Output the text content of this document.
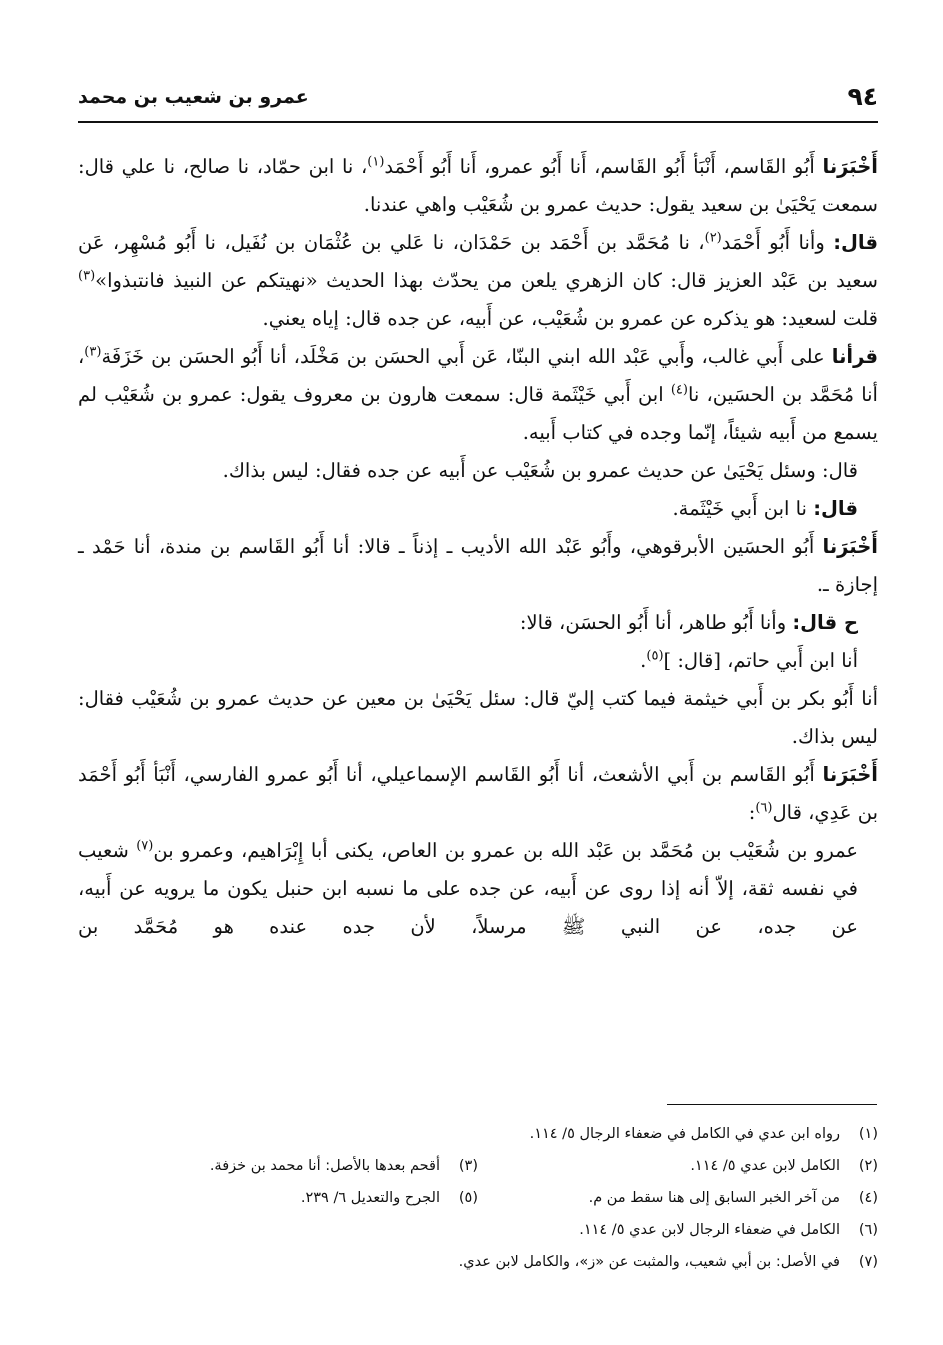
٩٤
عمرو بن شعيب بن محمد

أَخْبَرَنا أَبُو القَاسم، أَنْبَأ أَبُو القَاسم، أَنا أَبُو عمرو، أَنا أَبُو أَحْمَد$^{(١)}$، نا ابن حمّاد، نا صالح، نا علي قال: سمعت يَحْيَىٰ بن سعيد يقول: حديث عمرو بن شُعَيْب واهي عندنا.

قال: وأنا أَبُو أَحْمَد$^{(٢)}$، نا مُحَمَّد بن أَحْمَد بن حَمْدَان، نا عَلي بن عُثْمَان بن نُفَيل، نا أَبُو مُسْهِر، عَن سعيد بن عَبْد العزيز قال: كان الزهري يلعن من يحدّث بهذا الحديث «نهيتكم عن النبيذ فانتبذوا»$^{(٣)}$ قلت لسعيد: هو يذكره عن عمرو بن شُعَيْب، عن أَبيه، عن جده قال: إياه يعني.

قرأنا على أَبي غالب، وأَبي عَبْد الله ابني البنّا، عَن أَبي الحسَن بن مَخْلَد، أنا أَبُو الحسَن بن خَزَفَة$^{(٣)}$، أنا مُحَمَّد بن الحسَين، نا$^{(٤)}$ ابن أَبي خَيْثَمة قال: سمعت هارون بن معروف يقول: عمرو بن شُعَيْب لم يسمع من أَبيه شيئاً، إنّما وجده في كتاب أَبيه.

قال: وسئل يَحْيَىٰ عن حديث عمرو بن شُعَيْب عن أَبيه عن جده فقال: ليس بذاك.

قال: نا ابن أَبي خَيْثَمة.

أَخْبَرَنا أَبُو الحسَين الأبرقوهي، وأَبُو عَبْد الله الأديب ـ إذناً ـ قالا: أنا أَبُو القَاسم بن مندة، أنا حَمْد ـ إجازة ـ.

ح قال: وأنا أَبُو طاهر، أنا أَبُو الحسَن، قالا:

أنا ابن أَبي حاتم، [قال: ]$^{(٥)}$.

أنا أَبُو بكر بن أَبي خيثمة فيما كتب إليّ قال: سئل يَحْيَىٰ بن معين عن حديث عمرو بن شُعَيْب فقال: ليس بذاك.

أَخْبَرَنا أَبُو القَاسم بن أَبي الأشعث، أنا أَبُو القَاسم الإسماعيلي، أنا أَبُو عمرو الفارسي، أَنْبَأ أَبُو أَحْمَد بن عَدِي، قال$^{(٦)}$:

عمرو بن شُعَيْب بن مُحَمَّد بن عَبْد الله بن عمرو بن العاص، يكنى أبا إِبْرَاهيم، وعمرو بن$^{(٧)}$ شعيب في نفسه ثقة، إلاّ أنه إذا روى عن أَبيه، عن جده على ما نسبه ابن حنبل يكون ما يرويه عن أَبيه، عن جده، عن النبي ﷺ مرسلاً، لأن جده عنده هو مُحَمَّد بن

(١)
رواه ابن عدي في الكامل في ضعفاء الرجال ٥/ ١١٤.
(٢)
الكامل لابن عدي ٥/ ١١٤.
(٣)
أقحم بعدها بالأصل: أنا محمد بن خزفة.
(٤)
من آخر الخبر السابق إلى هنا سقط من م.
(٥)
الجرح والتعديل ٦/ ٢٣٩.
(٦)
الكامل في ضعفاء الرجال لابن عدي ٥/ ١١٤.
(٧)
في الأصل: بن أبي شعيب، والمثبت عن «ز»، والكامل لابن عدي.
